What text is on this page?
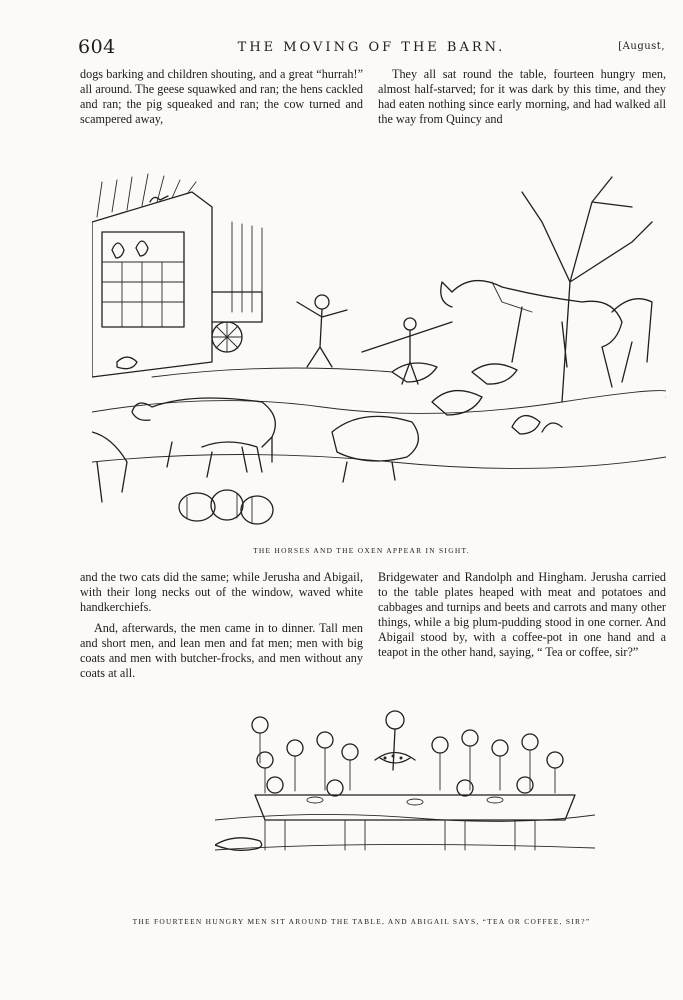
604	THE MOVING OF THE BARN.	[August,

dogs barking and children shouting, and a great “hurrah!” all around. The geese squawked and ran; the hens cackled and ran; the pig squeaked and ran; the cow turned and scampered away,

They all sat round the table, fourteen hungry men, almost half-starved; for it was dark by this time, and they had eaten nothing since early morning, and had walked all the way from Quincy and

THE HORSES AND THE OXEN APPEAR IN SIGHT.

and the two cats did the same; while Jerusha and Abigail, with their long necks out of the window, waved white handkerchiefs.

And, afterwards, the men came in to dinner. Tall men and short men, and lean men and fat men; men with big coats and men with butcher-frocks, and men without any coats at all.

Bridgewater and Randolph and Hingham. Jerusha carried to the table plates heaped with meat and potatoes and cabbages and turnips and beets and carrots and many other things, while a big plum-pudding stood in one corner. And Abigail stood by, with a coffee-pot in one hand and a teapot in the other hand, saying, “ Tea or coffee, sir?”

THE FOURTEEN HUNGRY MEN SIT AROUND THE TABLE, AND ABIGAIL SAYS, “TEA OR COFFEE, SIR?”
